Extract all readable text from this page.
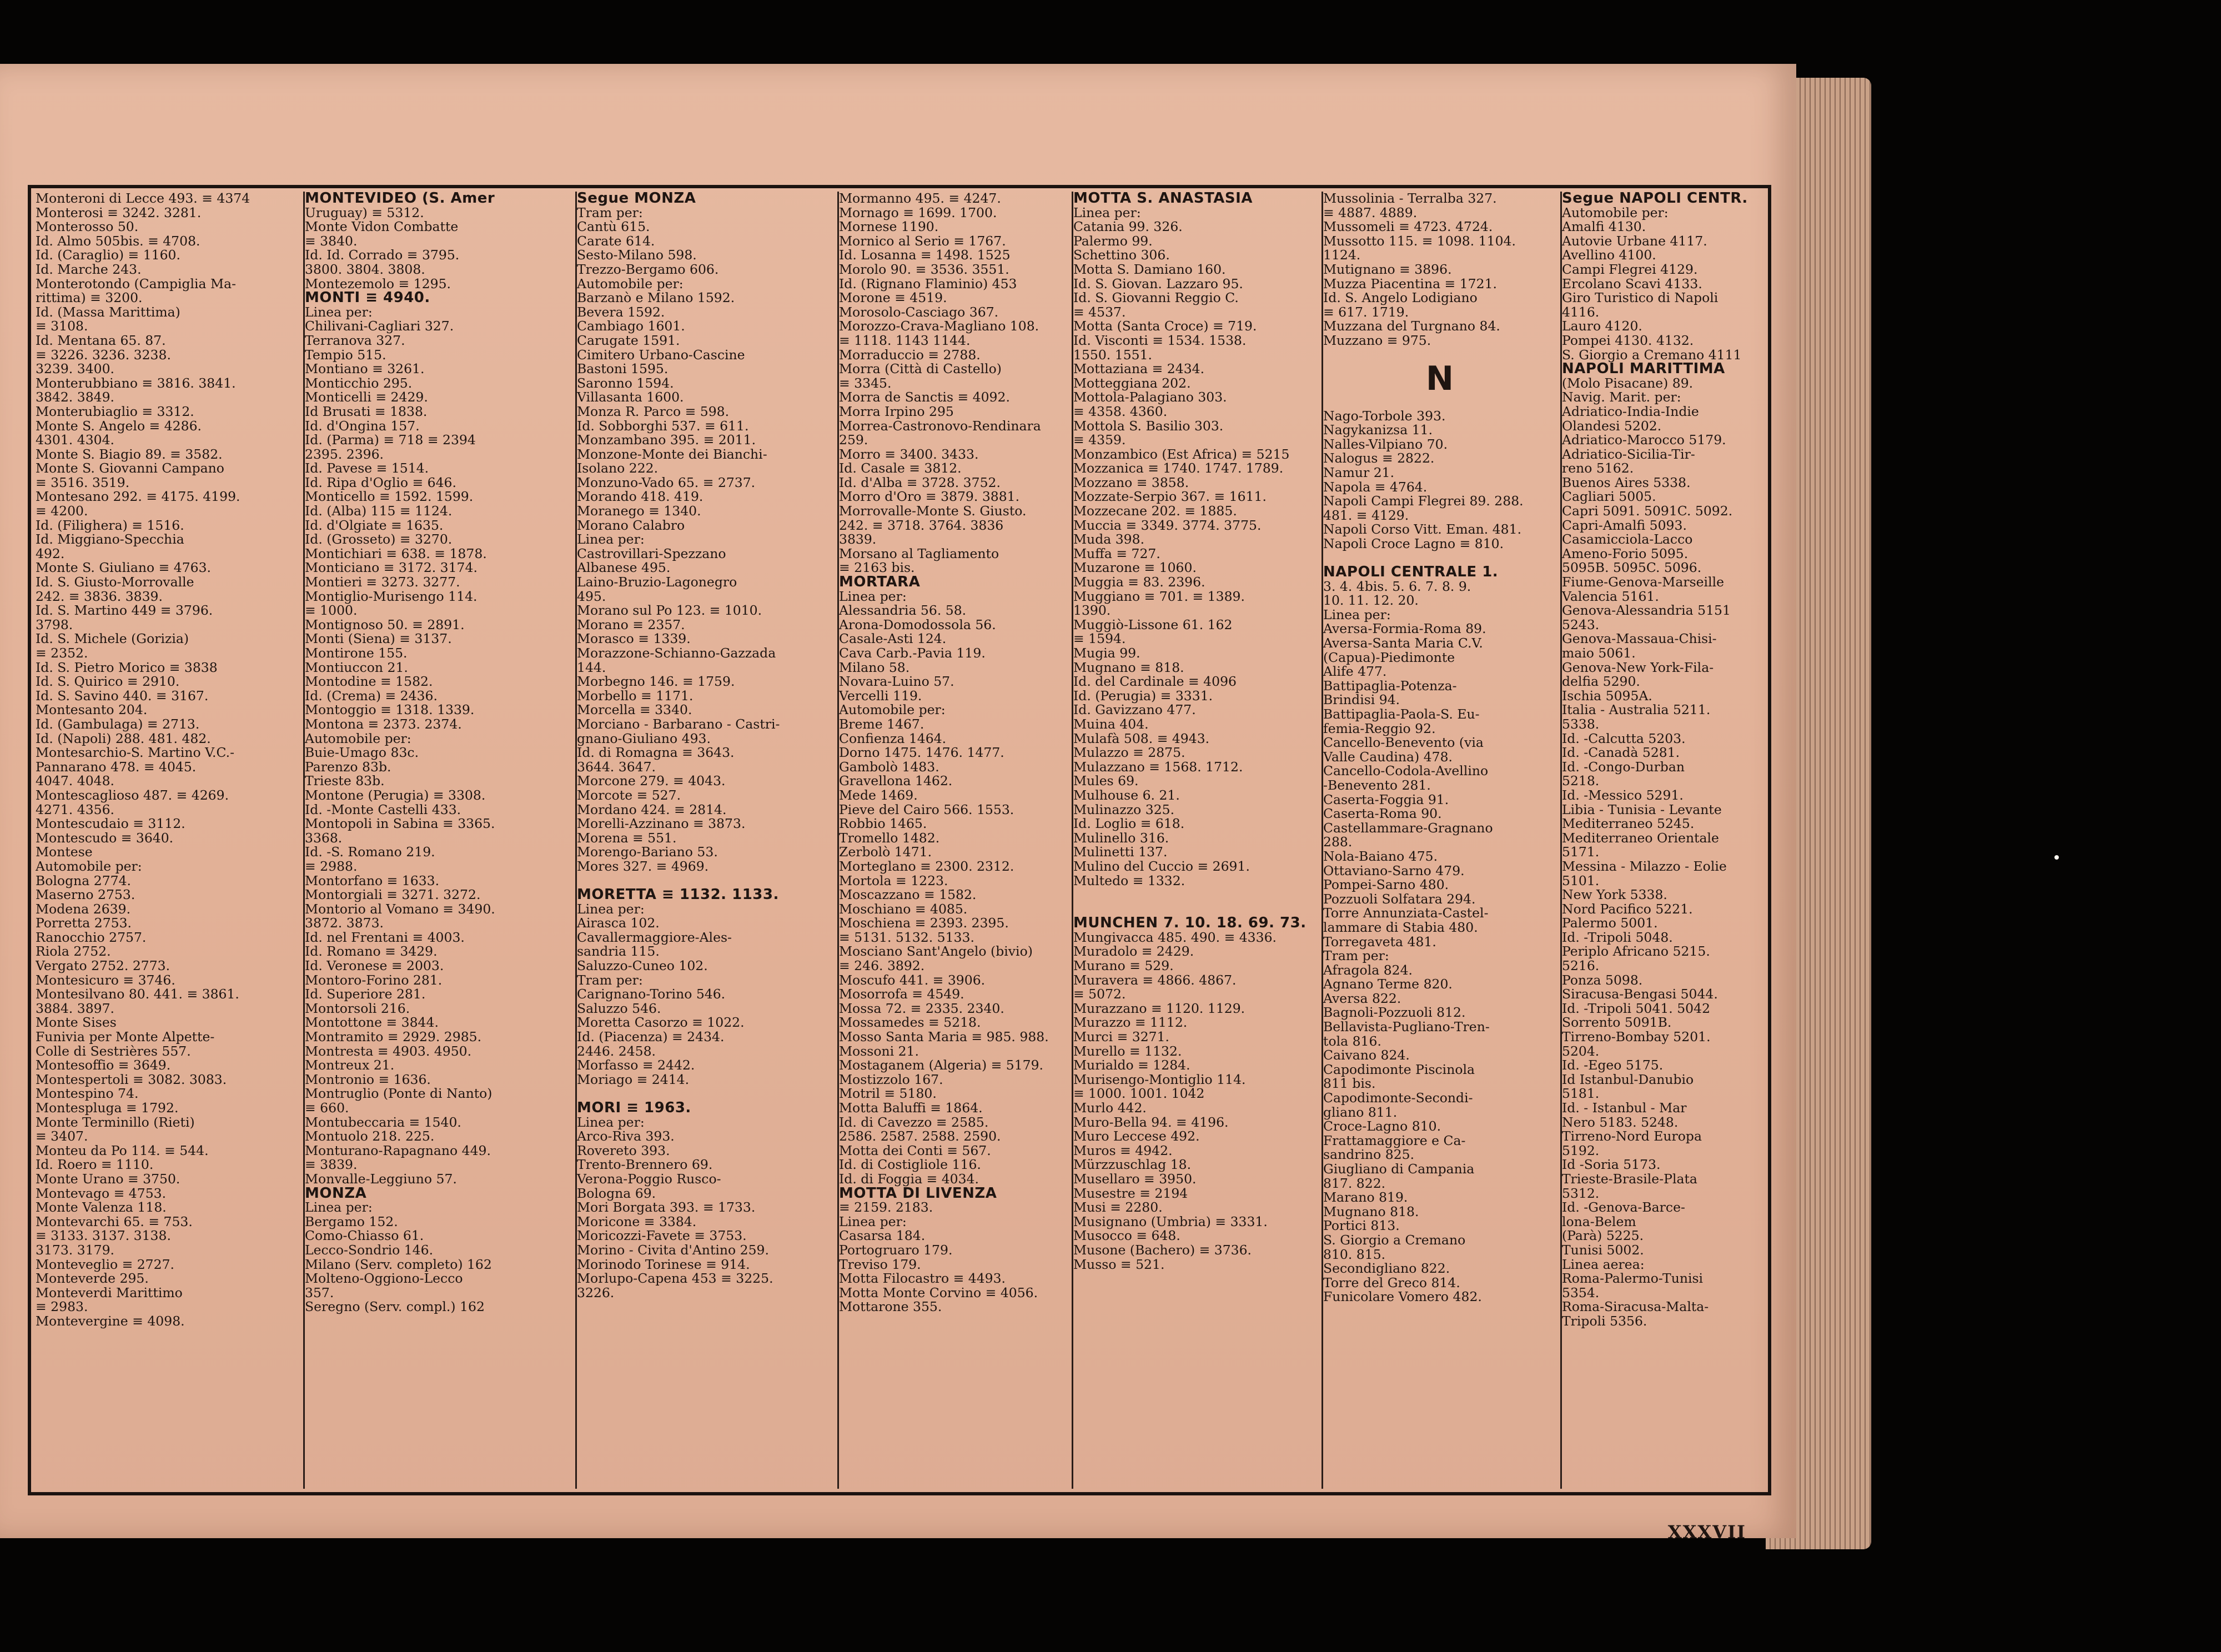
Monteroni di Lecce 493. ≡ 4374
Monterosi ≡ 3242. 3281.
Monterosso 50.
Id. Almo 505bis. ≡ 4708.
Id. (Caraglio) ≡ 1160.
Id. Marche 243.
Monterotondo (Campiglia Ma-
rittima) ≡ 3200.
Id. (Massa Marittima)
≡ 3108.
Id. Mentana 65. 87.
≡ 3226. 3236. 3238.
3239. 3400.
Monterubbiano ≡ 3816. 3841.
3842. 3849.
Monterubiaglio ≡ 3312.
Monte S. Angelo ≡ 4286.
4301. 4304.
Monte S. Biagio 89. ≡ 3582.
Monte S. Giovanni Campano
≡ 3516. 3519.
Montesano 292. ≡ 4175. 4199.
≡ 4200.
Id. (Filighera) ≡ 1516.
Id. Miggiano-Specchia
492.
Monte S. Giuliano ≡ 4763.
Id. S. Giusto-Morrovalle
242. ≡ 3836. 3839.
Id. S. Martino 449 ≡ 3796.
3798.
Id. S. Michele (Gorizia)
≡ 2352.
Id. S. Pietro Morico ≡ 3838
Id. S. Quirico ≡ 2910.
Id. S. Savino 440. ≡ 3167.
Montesanto 204.
Id. (Gambulaga) ≡ 2713.
Id. (Napoli) 288. 481. 482.
Montesarchio-S. Martino V.C.-
Pannarano 478. ≡ 4045.
4047. 4048.
Montescaglioso 487. ≡ 4269.
4271. 4356.
Montescudaio ≡ 3112.
Montescudo ≡ 3640.
Montese
Automobile per:
Bologna 2774.
Maserno 2753.
Modena 2639.
Porretta 2753.
Ranocchio 2757.
Riola 2752.
Vergato 2752. 2773.
Montesicuro ≡ 3746.
Montesilvano 80. 441. ≡ 3861.
3884. 3897.
Monte Sises
Funivia per Monte Alpette-
Colle di Sestrières 557.
Montesoffio ≡ 3649.
Montespertoli ≡ 3082. 3083.
Montespino 74.
Montespluga ≡ 1792.
Monte Terminillo (Rieti)
≡ 3407.
Monteu da Po 114. ≡ 544.
Id. Roero ≡ 1110.
Monte Urano ≡ 3750.
Montevago ≡ 4753.
Monte Valenza 118.
Montevarchi 65. ≡ 753.
≡ 3133. 3137. 3138.
3173. 3179.
Monteveglio ≡ 2727.
Monteverde 295.
Monteverdi Marittimo
≡ 2983.
Montevergine ≡ 4098.
MONTEVIDEO (S. Amer
Uruguay) ≡ 5312.
Monte Vidon Combatte
≡ 3840.
Id. Id. Corrado ≡ 3795.
3800. 3804. 3808.
Montezemolo ≡ 1295.
MONTI ≡ 4940.
Linea per:
Chilivani-Cagliari 327.
Terranova 327.
Tempio 515.
Montiano ≡ 3261.
Monticchio 295.
Monticelli ≡ 2429.
Id Brusati ≡ 1838.
Id. d'Ongina 157.
Id. (Parma) ≡ 718 ≡ 2394
2395. 2396.
Id. Pavese ≡ 1514.
Id. Ripa d'Oglio ≡ 646.
Monticello ≡ 1592. 1599.
Id. (Alba) 115 ≡ 1124.
Id. d'Olgiate ≡ 1635.
Id. (Grosseto) ≡ 3270.
Montichiari ≡ 638. ≡ 1878.
Monticiano ≡ 3172. 3174.
Montieri ≡ 3273. 3277.
Montiglio-Murisengo 114.
≡ 1000.
Montignoso 50. ≡ 2891.
Monti (Siena) ≡ 3137.
Montirone 155.
Montiuccon 21.
Montodine ≡ 1582.
Id. (Crema) ≡ 2436.
Montoggio ≡ 1318. 1339.
Montona ≡ 2373. 2374.
Automobile per:
Buie-Umago 83c.
Parenzo 83b.
Trieste 83b.
Montone (Perugia) ≡ 3308.
Id. -Monte Castelli 433.
Montopoli in Sabina ≡ 3365.
3368.
Id. -S. Romano 219.
≡ 2988.
Montorfano ≡ 1633.
Montorgiali ≡ 3271. 3272.
Montorio al Vomano ≡ 3490.
3872. 3873.
Id. nel Frentani ≡ 4003.
Id. Romano ≡ 3429.
Id. Veronese ≡ 2003.
Montoro-Forino 281.
Id. Superiore 281.
Montorsoli 216.
Montottone ≡ 3844.
Montramito ≡ 2929. 2985.
Montresta ≡ 4903. 4950.
Montreux 21.
Montronio ≡ 1636.
Montruglio (Ponte di Nanto)
≡ 660.
Montubeccaria ≡ 1540.
Montuolo 218. 225.
Monturano-Rapagnano 449.
≡ 3839.
Monvalle-Leggiuno 57.
MONZA
Linea per:
Bergamo 152.
Como-Chiasso 61.
Lecco-Sondrio 146.
Milano (Serv. completo) 162
Molteno-Oggiono-Lecco
357.
Seregno (Serv. compl.) 162
Segue MONZA
Tram per:
Cantù 615.
Carate 614.
Sesto-Milano 598.
Trezzo-Bergamo 606.
Automobile per:
Barzanò e Milano 1592.
Bevera 1592.
Cambiago 1601.
Carugate 1591.
Cimitero Urbano-Cascine
Bastoni 1595.
Saronno 1594.
Villasanta 1600.
Monza R. Parco ≡ 598.
Id. Sobborghi 537. ≡ 611.
Monzambano 395. ≡ 2011.
Monzone-Monte dei Bianchi-
Isolano 222.
Monzuno-Vado 65. ≡ 2737.
Morando 418. 419.
Moranego ≡ 1340.
Morano Calabro
Linea per:
Castrovillari-Spezzano
Albanese 495.
Laino-Bruzio-Lagonegro
495.
Morano sul Po 123. ≡ 1010.
Morano ≡ 2357.
Morasco ≡ 1339.
Morazzone-Schianno-Gazzada
144.
Morbegno 146. ≡ 1759.
Morbello ≡ 1171.
Morcella ≡ 3340.
Morciano - Barbarano - Castri-
gnano-Giuliano 493.
Id. di Romagna ≡ 3643.
3644. 3647.
Morcone 279. ≡ 4043.
Morcote ≡ 527.
Mordano 424. ≡ 2814.
Morelli-Azzinano ≡ 3873.
Morena ≡ 551.
Morengo-Bariano 53.
Mores 327. ≡ 4969.

MORETTA ≡ 1132. 1133.
Linea per:
Airasca 102.
Cavallermaggiore-Ales-
sandria 115.
Saluzzo-Cuneo 102.
Tram per:
Carignano-Torino 546.
Saluzzo 546.
Moretta Casorzo ≡ 1022.
Id. (Piacenza) ≡ 2434.
2446. 2458.
Morfasso ≡ 2442.
Moriago ≡ 2414.

MORI ≡ 1963.
Linea per:
Arco-Riva 393.
Rovereto 393.
Trento-Brennero 69.
Verona-Poggio Rusco-
Bologna 69.
Mori Borgata 393. ≡ 1733.
Moricone ≡ 3384.
Moricozzi-Favete ≡ 3753.
Morino - Civita d'Antino 259.
Morinodo Torinese ≡ 914.
Morlupo-Capena 453 ≡ 3225.
3226.
Mormanno 495. ≡ 4247.
Mornago ≡ 1699. 1700.
Mornese 1190.
Mornico al Serio ≡ 1767.
Id. Losanna ≡ 1498. 1525
Morolo 90. ≡ 3536. 3551.
Id. (Rignano Flaminio) 453
Morone ≡ 4519.
Morosolo-Casciago 367.
Morozzo-Crava-Magliano 108.
≡ 1118. 1143 1144.
Morraduccio ≡ 2788.
Morra (Città di Castello)
≡ 3345.
Morra de Sanctis ≡ 4092.
Morra Irpino 295
Morrea-Castronovo-Rendinara
259.
Morro ≡ 3400. 3433.
Id. Casale ≡ 3812.
Id. d'Alba ≡ 3728. 3752.
Morro d'Oro ≡ 3879. 3881.
Morrovalle-Monte S. Giusto.
242. ≡ 3718. 3764. 3836
3839.
Morsano al Tagliamento
≡ 2163 bis.
MORTARA
Linea per:
Alessandria 56. 58.
Arona-Domodossola 56.
Casale-Asti 124.
Cava Carb.-Pavia 119.
Milano 58.
Novara-Luino 57.
Vercelli 119.
Automobile per:
Breme 1467.
Confienza 1464.
Dorno 1475. 1476. 1477.
Gambolò 1483.
Gravellona 1462.
Mede 1469.
Pieve del Cairo 566. 1553.
Robbio 1465.
Tromello 1482.
Zerbolò 1471.
Morteglano ≡ 2300. 2312.
Mortola ≡ 1223.
Moscazzano ≡ 1582.
Moschiano ≡ 4085.
Moschiena ≡ 2393. 2395.
≡ 5131. 5132. 5133.
Mosciano Sant'Angelo (bivio)
≡ 246. 3892.
Moscufo 441. ≡ 3906.
Mosorrofa ≡ 4549.
Mossa 72. ≡ 2335. 2340.
Mossamedes ≡ 5218.
Mosso Santa Maria ≡ 985. 988.
Mossoni 21.
Mostaganem (Algeria) ≡ 5179.
Mostizzolo 167.
Motril ≡ 5180.
Motta Baluffi ≡ 1864.
Id. di Cavezzo ≡ 2585.
2586. 2587. 2588. 2590.
Motta dei Conti ≡ 567.
Id. di Costigliole 116.
Id. di Foggia ≡ 4034.
MOTTA DI LIVENZA
≡ 2159. 2183.
Linea per:
Casarsa 184.
Portogruaro 179.
Treviso 179.
Motta Filocastro ≡ 4493.
Motta Monte Corvino ≡ 4056.
Mottarone 355.
MOTTA S. ANASTASIA
Linea per:
Catania 99. 326.
Palermo 99.
Schettino 306.
Motta S. Damiano 160.
Id. S. Giovan. Lazzaro 95.
Id. S. Giovanni Reggio C.
≡ 4537.
Motta (Santa Croce) ≡ 719.
Id. Visconti ≡ 1534. 1538.
1550. 1551.
Mottaziana ≡ 2434.
Motteggiana 202.
Mottola-Palagiano 303.
≡ 4358. 4360.
Mottola S. Basilio 303.
≡ 4359.
Monzambico (Est Africa) ≡ 5215
Mozzanica ≡ 1740. 1747. 1789.
Mozzano ≡ 3858.
Mozzate-Serpio 367. ≡ 1611.
Mozzecane 202. ≡ 1885.
Muccia ≡ 3349. 3774. 3775.
Muda 398.
Muffa ≡ 727.
Muzarone ≡ 1060.
Muggia ≡ 83. 2396.
Muggiano ≡ 701. ≡ 1389.
1390.
Muggiò-Lissone 61. 162
≡ 1594.
Mugia 99.
Mugnano ≡ 818.
Id. del Cardinale ≡ 4096
Id. (Perugia) ≡ 3331.
Id. Gavizzano 477.
Muina 404.
Mulafà 508. ≡ 4943.
Mulazzo ≡ 2875.
Mulazzano ≡ 1568. 1712.
Mules 69.
Mulhouse 6. 21.
Mulinazzo 325.
Id. Loglio ≡ 618.
Mulinello 316.
Mulinetti 137.
Mulino del Cuccio ≡ 2691.
Multedo ≡ 1332.

MUNCHEN 7. 10. 18. 69. 73.
Mungivacca 485. 490. ≡ 4336.
Muradolo ≡ 2429.
Murano ≡ 529.
Muravera ≡ 4866. 4867.
≡ 5072.
Murazzano ≡ 1120. 1129.
Murazzo ≡ 1112.
Murci ≡ 3271.
Murello ≡ 1132.
Murialdo ≡ 1284.
Murisengo-Montiglio 114.
≡ 1000. 1001. 1042
Murlo 442.
Muro-Bella 94. ≡ 4196.
Muro Leccese 492.
Muros ≡ 4942.
Mürzzuschlag 18.
Musellaro ≡ 3950.
Musestre ≡ 2194
Musi ≡ 2280.
Musignano (Umbria) ≡ 3331.
Musocco ≡ 648.
Musone (Bachero) ≡ 3736.
Musso ≡ 521.
Mussolinia - Terralba 327.
≡ 4887. 4889.
Mussomeli ≡ 4723. 4724.
Mussotto 115. ≡ 1098. 1104.
1124.
Mutignano ≡ 3896.
Muzza Piacentina ≡ 1721.
Id. S. Angelo Lodigiano
≡ 617. 1719.
Muzzana del Turgnano 84.
Muzzano ≡ 975.
N
Nago-Torbole 393.
Nagykanizsa 11.
Nalles-Vilpiano 70.
Nalogus ≡ 2822.
Namur 21.
Napola ≡ 4764.
Napoli Campi Flegrei 89. 288.
481. ≡ 4129.
Napoli Corso Vitt. Eman. 481.
Napoli Croce Lagno ≡ 810.

NAPOLI CENTRALE 1.
3. 4. 4bis. 5. 6. 7. 8. 9.
10. 11. 12. 20.
Linea per:
Aversa-Formia-Roma 89.
Aversa-Santa Maria C.V.
(Capua)-Piedimonte
Alife 477.
Battipaglia-Potenza-
Brindisi 94.
Battipaglia-Paola-S. Eu-
femia-Reggio 92.
Cancello-Benevento (via
Valle Caudina) 478.
Cancello-Codola-Avellino
-Benevento 281.
Caserta-Foggia 91.
Caserta-Roma 90.
Castellammare-Gragnano
288.
Nola-Baiano 475.
Ottaviano-Sarno 479.
Pompei-Sarno 480.
Pozzuoli Solfatara 294.
Torre Annunziata-Castel-
lammare di Stabia 480.
Torregaveta 481.
Tram per:
Afragola 824.
Agnano Terme 820.
Aversa 822.
Bagnoli-Pozzuoli 812.
Bellavista-Pugliano-Tren-
tola 816.
Caivano 824.
Capodimonte Piscinola
811 bis.
Capodimonte-Secondi-
gliano 811.
Croce-Lagno 810.
Frattamaggiore e Ca-
sandrino 825.
Giugliano di Campania
817. 822.
Marano 819.
Mugnano 818.
Portici 813.
S. Giorgio a Cremano
810. 815.
Secondigliano 822.
Torre del Greco 814.
Funicolare Vomero 482.
Segue NAPOLI CENTR.
Automobile per:
Amalfi 4130.
Autovie Urbane 4117.
Avellino 4100.
Campi Flegrei 4129.
Ercolano Scavi 4133.
Giro Turistico di Napoli
4116.
Lauro 4120.
Pompei 4130. 4132.
S. Giorgio a Cremano 4111
NAPOLI MARITTIMA
(Molo Pisacane) 89.
Navig. Marit. per:
Adriatico-India-Indie
Olandesi 5202.
Adriatico-Marocco 5179.
Adriatico-Sicilia-Tir-
reno 5162.
Buenos Aires 5338.
Cagliari 5005.
Capri 5091. 5091C. 5092.
Capri-Amalfi 5093.
Casamicciola-Lacco
Ameno-Forio 5095.
5095B. 5095C. 5096.
Fiume-Genova-Marseille
Valencia 5161.
Genova-Alessandria 5151
5243.
Genova-Massaua-Chisi-
maio 5061.
Genova-New York-Fila-
delfia 5290.
Ischia 5095A.
Italia - Australia 5211.
5338.
Id. -Calcutta 5203.
Id. -Canadà 5281.
Id. -Congo-Durban
5218.
Id. -Messico 5291.
Libia - Tunisia - Levante
Mediterraneo 5245.
Mediterraneo Orientale
5171.
Messina - Milazzo - Eolie
5101.
New York 5338.
Nord Pacifico 5221.
Palermo 5001.
Id. -Tripoli 5048.
Periplo Africano 5215.
5216.
Ponza 5098.
Siracusa-Bengasi 5044.
Id. -Tripoli 5041. 5042
Sorrento 5091B.
Tirreno-Bombay 5201.
5204.
Id. -Egeo 5175.
Id Istanbul-Danubio
5181.
Id. - Istanbul - Mar
Nero 5183. 5248.
Tirreno-Nord Europa
5192.
Id -Soria 5173.
Trieste-Brasile-Plata
5312.
Id. -Genova-Barce-
lona-Belem
(Parà) 5225.
Tunisi 5002.
Linea aerea:
Roma-Palermo-Tunisi
5354.
Roma-Siracusa-Malta-
Tripoli 5356.
XXXVII
